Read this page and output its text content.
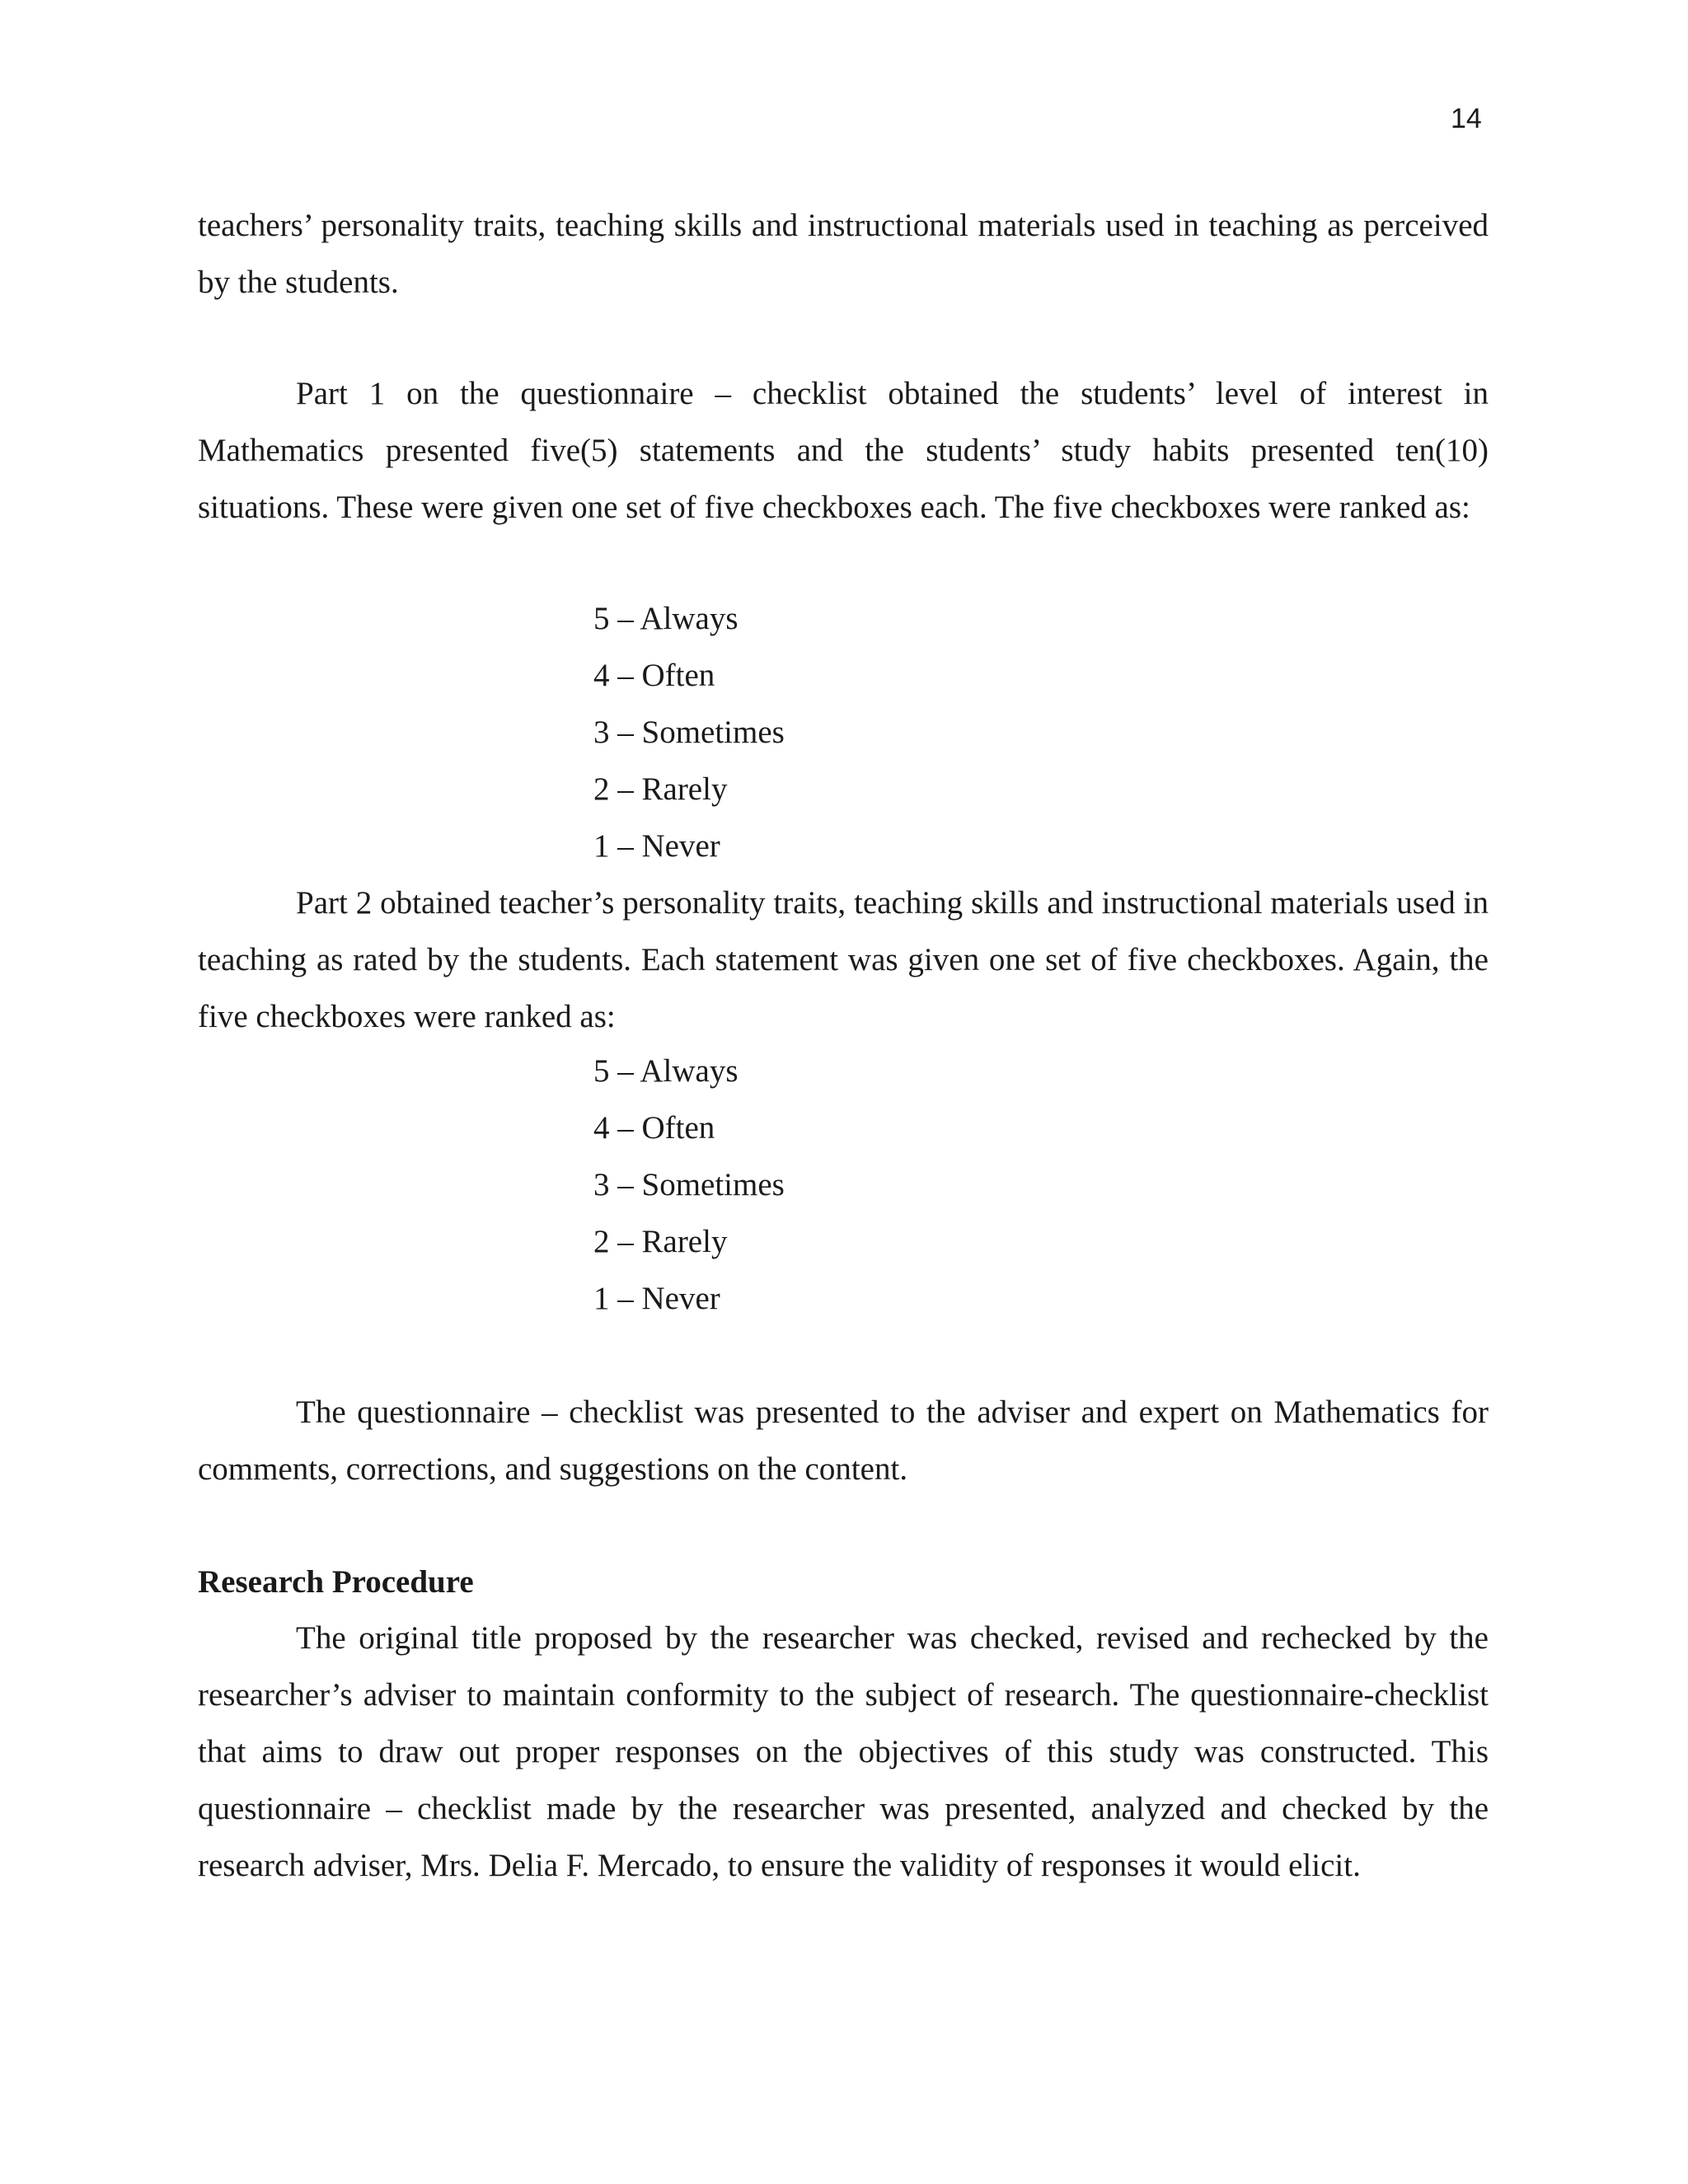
14

teachers’ personality traits, teaching skills and instructional materials used in teaching as perceived by the students.

Part 1 on the questionnaire – checklist obtained the students’ level of interest in Mathematics presented five(5) statements and the students’ study habits presented ten(10) situations. These were given one set of five checkboxes each. The five checkboxes were ranked as:

5 – Always
4 – Often
3 – Sometimes
2 – Rarely
1 – Never

Part 2 obtained teacher’s personality traits, teaching skills and instructional materials used in teaching as rated by the students. Each statement was given one set of five checkboxes. Again, the five checkboxes were ranked as:

5 – Always
4 – Often
3 – Sometimes
2 – Rarely
1 – Never

The questionnaire – checklist was presented to the adviser and expert on Mathematics for comments, corrections, and suggestions on the content.

Research Procedure

The original title proposed by the researcher was checked, revised and rechecked by the researcher’s adviser to maintain conformity to the subject of research. The questionnaire-checklist that aims to draw out proper responses on the objectives of this study was constructed. This questionnaire – checklist made by the researcher was presented, analyzed and checked by the research adviser, Mrs. Delia F. Mercado, to ensure the validity of responses it would elicit.
